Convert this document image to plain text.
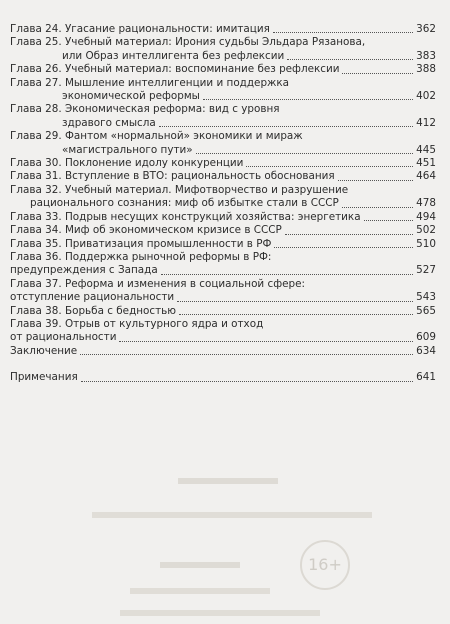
Глава 24. Угасание рациональности: имитация	362
Глава 25. Учебный материал: Ирония судьбы Эльдара Рязанова,
или Образ интеллигента без рефлексии	383
Глава 26. Учебный материал: воспоминание без рефлексии	388
Глава 27. Мышление интеллигенции и поддержка
экономической реформы	402
Глава 28. Экономическая реформа: вид с уровня
здравого смысла	412
Глава 29. Фантом «нормальной» экономики и мираж
«магистрального пути»	445
Глава 30. Поклонение идолу конкуренции	451
Глава 31. Вступление в ВТО: рациональность обоснования	464
Глава 32. Учебный материал. Мифотворчество и разрушение
рационального сознания: миф об избытке стали в СССР	478
Глава 33. Подрыв несущих конструкций хозяйства: энергетика	494
Глава 34. Миф об экономическом кризисе в СССР	502
Глава 35. Приватизация промышленности в РФ	510
Глава 36. Поддержка рыночной реформы в РФ:
предупреждения с Запада	527
Глава 37. Реформа и изменения в социальной сфере:
отступление рациональности	543
Глава 38. Борьба с бедностью	565
Глава 39. Отрыв от культурного ядра и отход
от рациональности	609
Заключение	634
Примечания	641
16+
